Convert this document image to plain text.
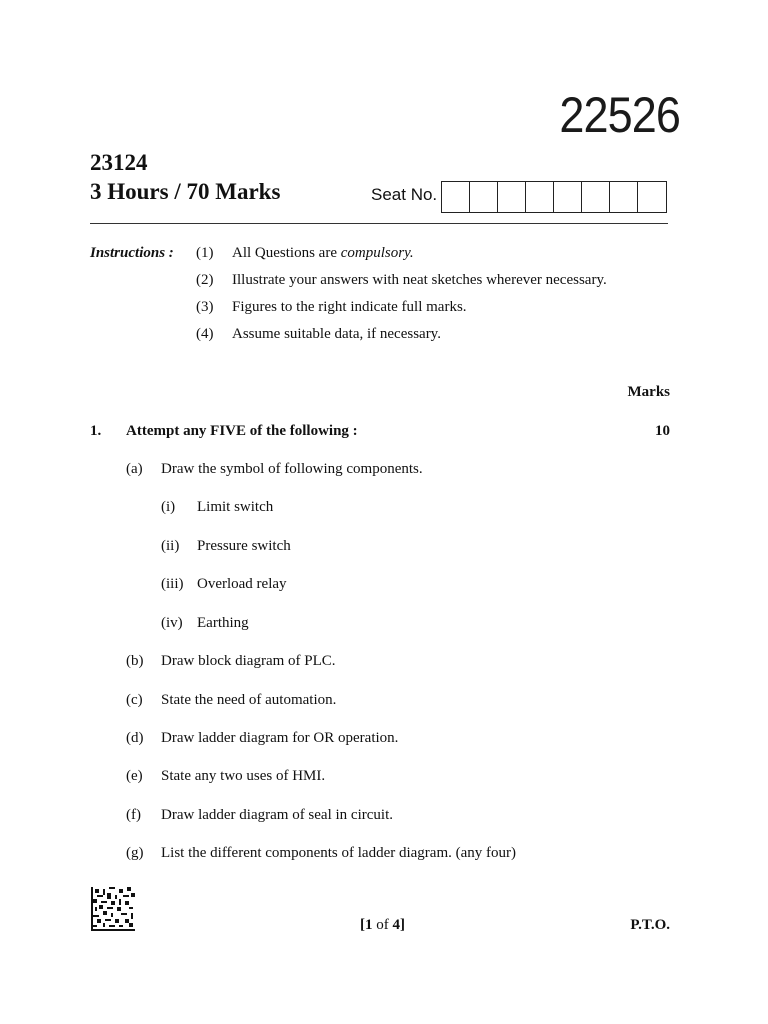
22526
23124
3 Hours / 70 Marks	Seat No.
Instructions : (1) All Questions are compulsory.
(2) Illustrate your answers with neat sketches wherever necessary.
(3) Figures to the right indicate full marks.
(4) Assume suitable data, if necessary.
Marks
1. Attempt any FIVE of the following :	10
(a) Draw the symbol of following components.
(i) Limit switch
(ii) Pressure switch
(iii) Overload relay
(iv) Earthing
(b) Draw block diagram of PLC.
(c) State the need of automation.
(d) Draw ladder diagram for OR operation.
(e) State any two uses of HMI.
(f) Draw ladder diagram of seal in circuit.
(g) List the different components of ladder diagram. (any four)
[1 of 4]	P.T.O.
